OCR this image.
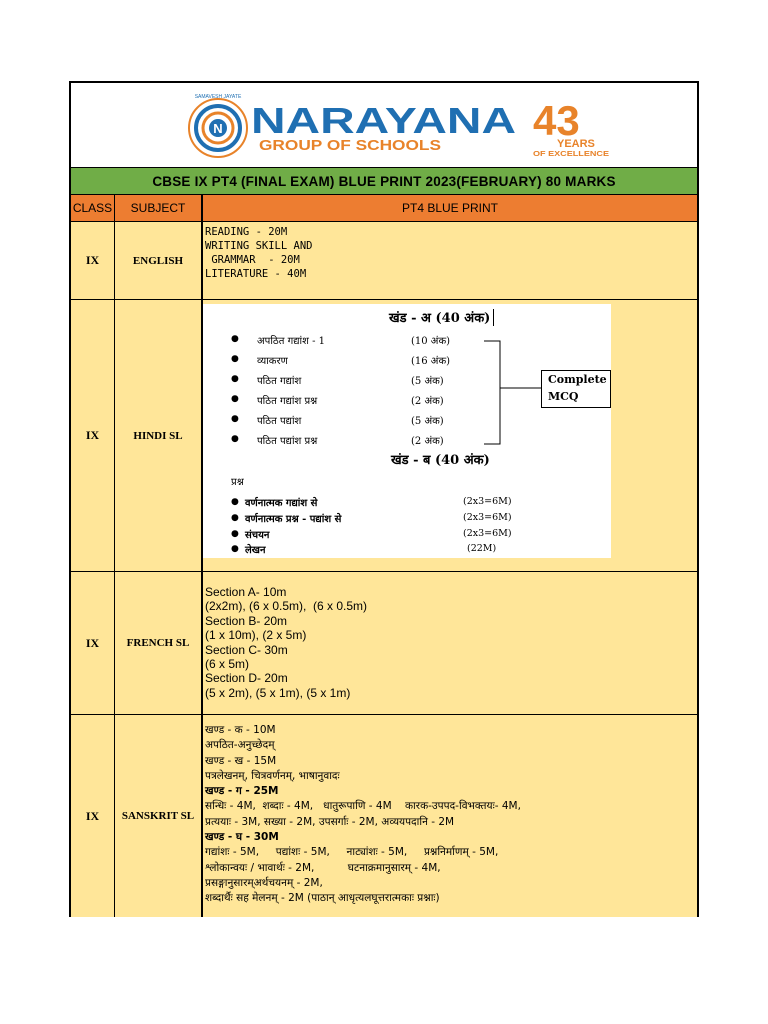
N
SAMAVESH JAYATE
NARAYANA
GROUP OF SCHOOLS
43
YEARS
OF EXCELLENCE
CBSE IX PT4 (FINAL EXAM) BLUE PRINT 2023(FEBRUARY) 80 MARKS
CLASS	SUBJECT	PT4 BLUE PRINT
IX	ENGLISH
READING - 20M
WRITING SKILL AND
GRAMMAR  - 20M
LITERATURE - 40M
IX	HINDI SL
खंड - अ (40 अंक)
● अपठित गद्यांश - 1	(10 अंक)
● व्याकरण	(16 अंक)
● पठित गद्यांश	(5 अंक)
● पठित गद्यांश प्रश्न	(2 अंक)
● पठित पद्यांश	(5 अंक)
● पठित पद्यांश प्रश्न	(2 अंक)
Complete
MCQ
खंड - ब (40 अंक)
प्रश्न
● वर्णनात्मक गद्यांश से	(2x3=6M)
● वर्णनात्मक प्रश्न - पद्यांश से	(2x3=6M)
● संचयन	(2x3=6M)
● लेखन	(22M)
IX	FRENCH SL
Section A- 10m
(2x2m), (6 x 0.5m),  (6 x 0.5m)
Section B- 20m
(1 x 10m), (2 x 5m)
Section C- 30m
(6 x 5m)
Section D- 20m
(5 x 2m), (5 x 1m), (5 x 1m)
IX	SANSKRIT SL
खण्ड - क - 10M
अपठित-अनुच्छेदम्
खण्ड - ख - 15M
पत्रलेखनम्, चित्रवर्णनम्, भाषानुवादः
खण्ड - ग - 25M
सन्धिः - 4M,  शब्दाः - 4M,   धातुरूपाणि - 4M    कारक-उपपद-विभक्तयः- 4M,
प्रत्ययाः - 3M, सख्या - 2M, उपसर्गाः - 2M, अव्ययपदानि - 2M
खण्ड - घ - 30M
गद्यांशः - 5M,     पद्यांशः - 5M,     नाट्यांशः - 5M,     प्रश्ननिर्माणम् - 5M,
श्लोकान्वयः / भावार्थः - 2M,          घटनाक्रमानुसारम् - 4M,
प्रसङ्गानुसारम्अर्थचयनम् - 2M,
शब्दार्थैः सह मेलनम् - 2M (पाठान् आधृत्यलघूत्तरात्मकाः प्रश्नाः)
